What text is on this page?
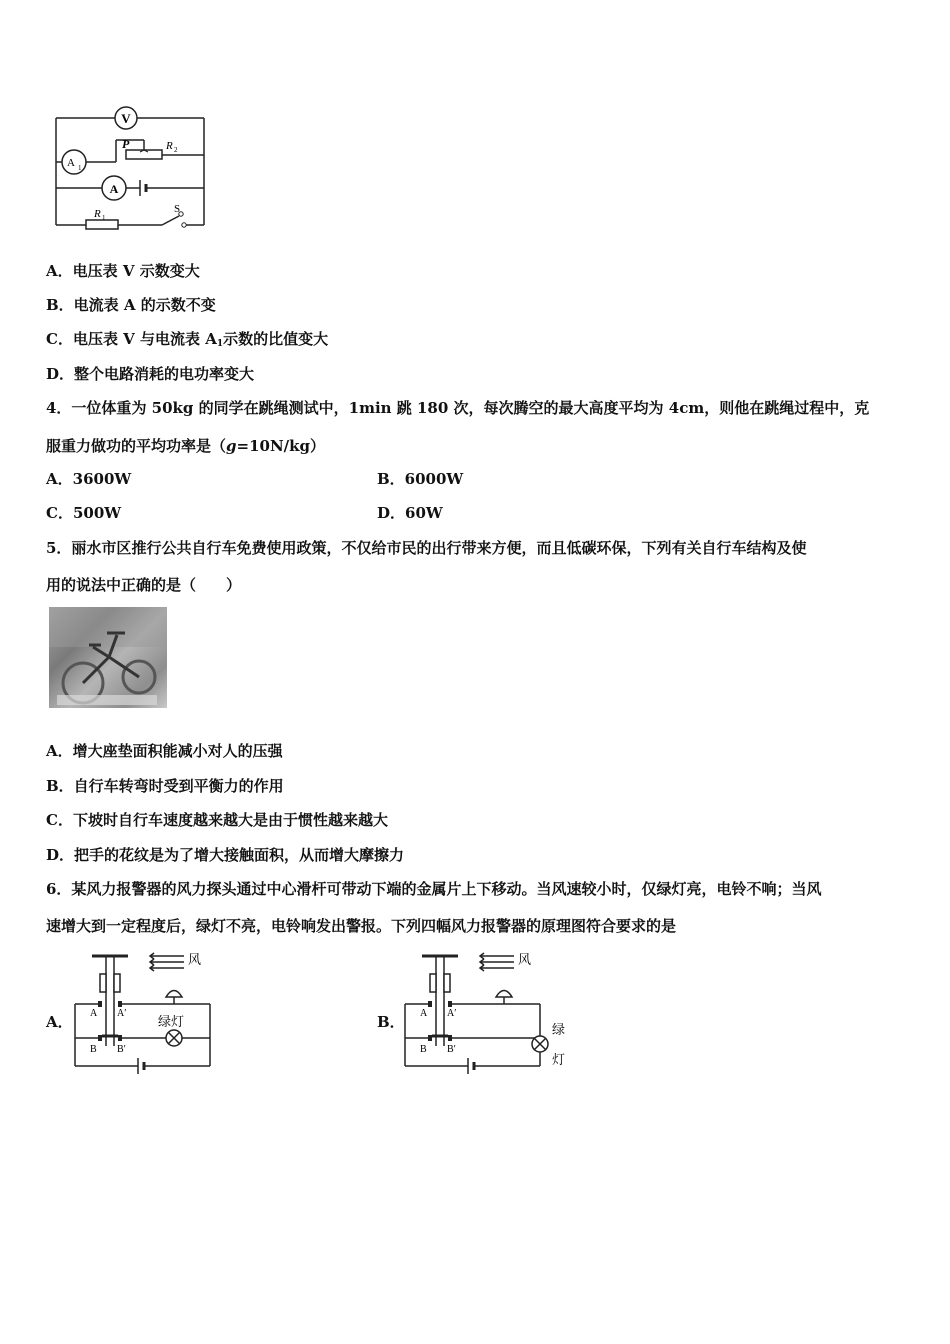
V
A 1
A
P	R 2
R 1
S
A．电压表 V 示数变大
B．电流表 A 的示数不变
C．电压表 V 与电流表 $A_1$示数的比值变大
D．整个电路消耗的电功率变大
4．一位体重为 50kg 的同学在跳绳测试中，1min 跳 180 次，每次腾空的最大高度平均为 4cm，则他在跳绳过程中，克
服重力做功的平均功率是（g=10N/kg）
A．3600W	B．6000W
C．500W	D．60W
5．丽水市区推行公共自行车免费使用政策，不仅给市民的出行带来方便，而且低碳环保，下列有关自行车结构及使
用的说法中正确的是（　　）
A．增大座垫面积能减小对人的压强
B．自行车转弯时受到平衡力的作用
C．下坡时自行车速度越来越大是由于惯性越来越大
D．把手的花纹是为了增大接触面积，从而增大摩擦力
6．某风力报警器的风力探头通过中心滑杆可带动下端的金属片上下移动。当风速较小时，仅绿灯亮，电铃不响；当风
速增大到一定程度后，绿灯不亮，电铃响发出警报。下列四幅风力报警器的原理图符合要求的是
A．
风
A A′
B B′
绿灯	B．
风
A A′
B B′
绿
灯
